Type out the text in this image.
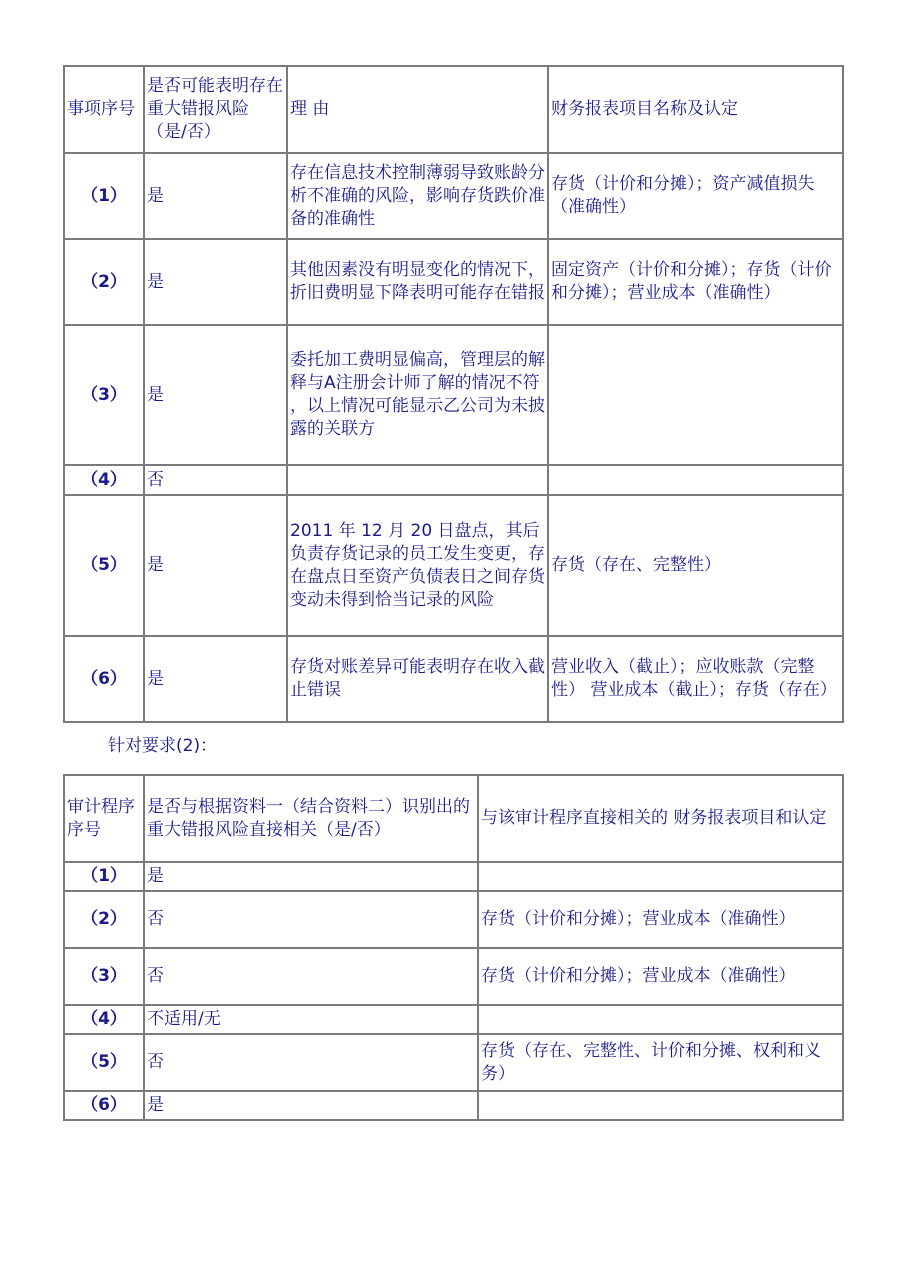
事项序号	是否可能表明存在重大错报风险 （是/否）	理 由	财务报表项目名称及认定
（1）	是	存在信息技术控制薄弱导致账龄分析不准确的风险，影响存货跌价准备的准确性	存货（计价和分摊）；资产减值损失（准确性）
（2）	是	其他因素没有明显变化的情况下，折旧费明显下降表明可能存在错报	固定资产（计价和分摊）；存货（计价和分摊）；营业成本（准确性）
（3）	是	委托加工费明显偏高，管理层的解释与A注册会计师了解的情况不符 ，以上情况可能显示乙公司为未披露的关联方	
（4）	否		
（5）	是	2011 年 12 月 20 日盘点，其后负责存货记录的员工发生变更，存在盘点日至资产负债表日之间存货变动未得到恰当记录的风险	存货（存在、完整性）
（6）	是	存货对账差异可能表明存在收入截止错误	营业收入（截止）；应收账款（完整性） 营业成本（截止）；存货（存在）
针对要求(2)：
审计程序序号	是否与根据资料一（结合资料二）识别出的重大错报风险直接相关（是/否）	与该审计程序直接相关的 财务报表项目和认定
（1）	是	
（2）	否	存货（计价和分摊）；营业成本（准确性）
（3）	否	存货（计价和分摊）；营业成本（准确性）
（4）	不适用/无	
（5）	否	存货（存在、完整性、计价和分摊、权利和义务）
（6）	是	
